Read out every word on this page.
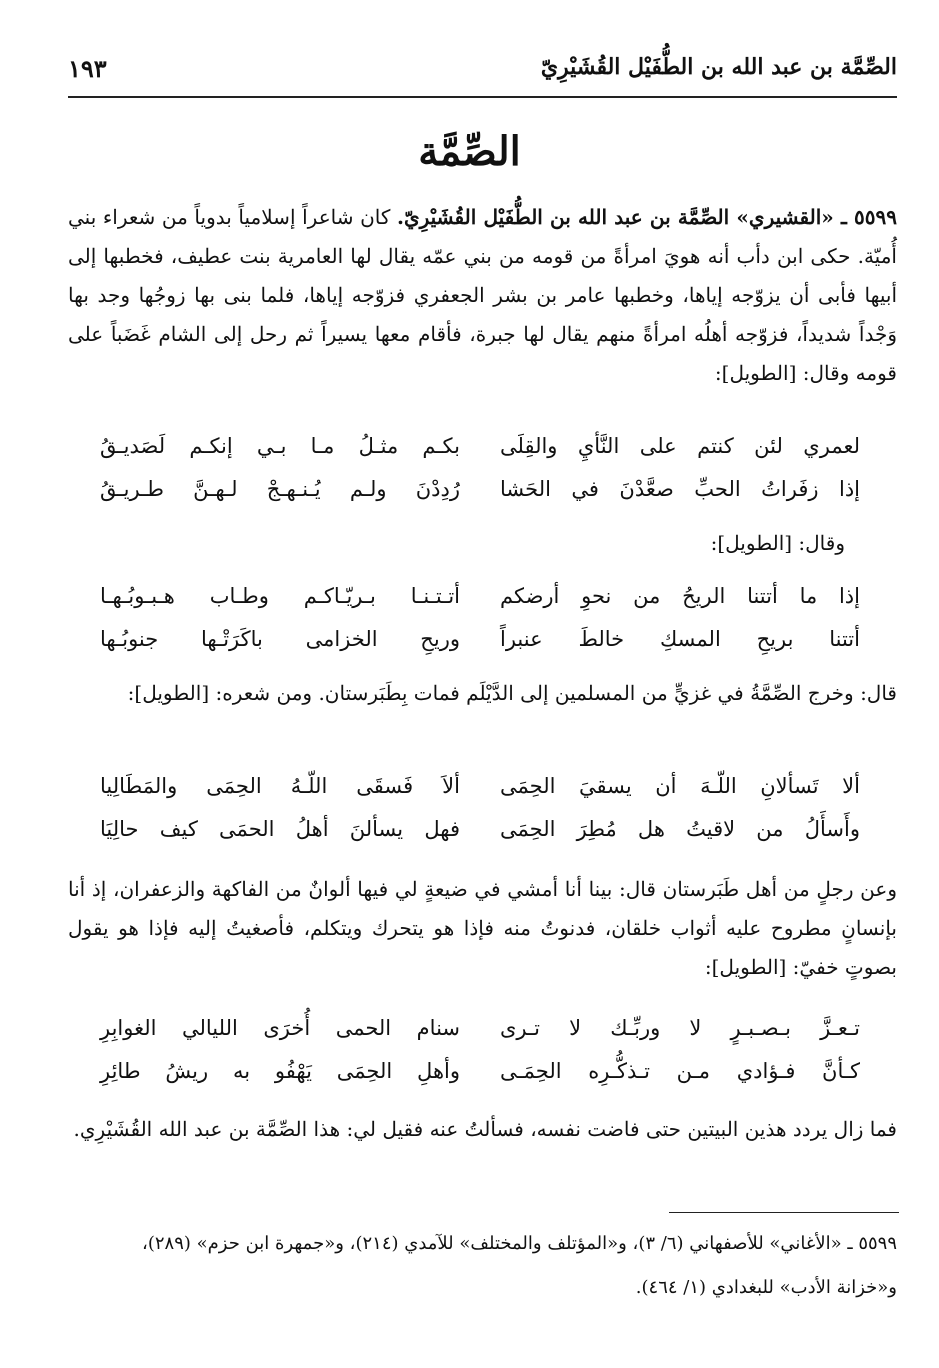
الصِّمَّة بن عبد الله بن الطُّفَيْل القُشَيْرِيّ
١٩٣
الصِّمَّة
٥٥٩٩ ـ «القشيري» الصِّمَّة بن عبد الله بن الطُّفَيْل القُشَيْرِيّ. كان شاعراً إسلامياً بدوياً من شعراء بني أُميّة. حكى ابن دأب أنه هويَ امرأةً من قومه من بني عمّه يقال لها العامرية بنت عطيف، فخطبها إلى أبيها فأبى أن يزوّجه إياها، وخطبها عامر بن بشر الجعفري فزوّجه إياها، فلما بنى بها زوجُها وجد بها وَجْداً شديداً، فزوّجه أهلُه امرأةً منهم يقال لها جبرة، فأقام معها يسيراً ثم رحل إلى الشام غَضَباً على قومه وقال: [الطويل]:
لعمري لئن كنتم على النَّأيِ والقِلَى
بكـم مثـلُ مـا بـي إنكـم لَصَديـقُ
إذا زفَراتُ الحبِّ صعَّدْنَ في الحَشا
رُدِدْنَ ولـم يُـنـهـجْ لـهـنَّ طـريـقُ
وقال: [الطويل]:
إذا ما أتتنا الريحُ من نحوِ أرضكم
أتـتـنـا بـريّـاكـم وطـاب هـبـوبُـهـا
أتتنا بريحِ المسكِ خالطَ عنبراً
وريحِ الخزامى باكَرَتْـها جنوبُـها
قال: وخرج الصِّمَّةُ في غزيٍّ من المسلمين إلى الدَّيْلَم فمات بِطَبَرستان. ومن شعره: [الطويل]:
ألا تَسألانِ اللّـهَ أن يسقيَ الحِمَى
ألاَ فَسقَى اللّـهُ الحِمَى والمَطَالِيا
وأَسأَلُ من لاقيتُ هل مُطِرَ الحِمَى
فهل يسألنَ أهلُ الحمَى كيف حالِيَا
وعن رجلٍ من أهل طَبَرستان قال: بينا أنا أمشي في ضيعةٍ لي فيها ألوانٌ من الفاكهة والزعفران، إذ أنا بإنسانٍ مطروح عليه أثواب خلقان، فدنوتُ منه فإذا هو يتحرك ويتكلم، فأصغيتُ إليه فإذا هو يقول بصوتٍ خفيّ: [الطويل]:
تـعـزَّ بـصـبـرٍ لا وربِّـك لا تـرى
سنام الحمى أُخرَى الليالي الغوابِرِ
كـأنَّ فـؤادي مـن تـذكُّـرِه الحِمَـى
وأهلِ الحِمَى يَهْفُو به ريشُ طائِرِ
فما زال يردد هذين البيتين حتى فاضت نفسه، فسألتُ عنه فقيل لي: هذا الصِّمَّة بن عبد الله القُشَيْرِي.
٥٥٩٩ ـ «الأغاني» للأصفهاني (٦/ ٣)، و«المؤتلف والمختلف» للآمدي (٢١٤)، و«جمهرة ابن حزم» (٢٨٩)،
و«خزانة الأدب» للبغدادي (١/ ٤٦٤).
